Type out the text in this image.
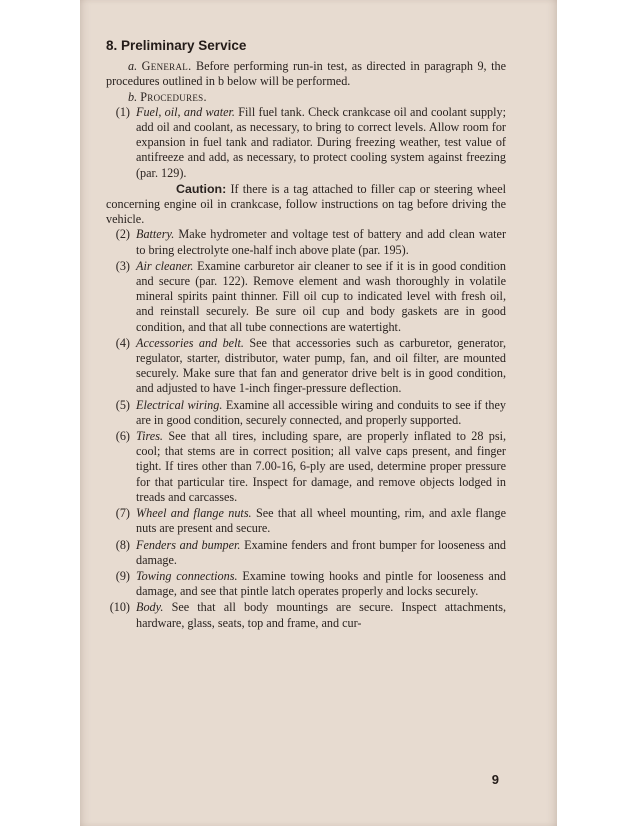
8. Preliminary Service

a. General. Before performing run-in test, as directed in paragraph 9, the procedures outlined in b below will be performed.

b. Procedures.

(1) Fuel, oil, and water. Fill fuel tank. Check crankcase oil and coolant supply; add oil and coolant, as necessary, to bring to correct levels. Allow room for expansion in fuel tank and radiator. During freezing weather, test value of antifreeze and add, as necessary, to protect cooling system against freezing (par. 129).
Caution: If there is a tag attached to filler cap or steering wheel concerning engine oil in crankcase, follow instructions on tag before driving the vehicle.
(2) Battery. Make hydrometer and voltage test of battery and add clean water to bring electrolyte one-half inch above plate (par. 195).
(3) Air cleaner. Examine carburetor air cleaner to see if it is in good condition and secure (par. 122). Remove element and wash thoroughly in volatile mineral spirits paint thinner. Fill oil cup to indicated level with fresh oil, and reinstall securely. Be sure oil cup and body gaskets are in good condition, and that all tube connections are watertight.
(4) Accessories and belt. See that accessories such as carburetor, generator, regulator, starter, distributor, water pump, fan, and oil filter, are mounted securely. Make sure that fan and generator drive belt is in good condition, and adjusted to have 1-inch finger-pressure deflection.
(5) Electrical wiring. Examine all accessible wiring and conduits to see if they are in good condition, securely connected, and properly supported.
(6) Tires. See that all tires, including spare, are properly inflated to 28 psi, cool; that stems are in correct position; all valve caps present, and finger tight. If tires other than 7.00-16, 6-ply are used, determine proper pressure for that particular tire. Inspect for damage, and remove objects lodged in treads and carcasses.
(7) Wheel and flange nuts. See that all wheel mounting, rim, and axle flange nuts are present and secure.
(8) Fenders and bumper. Examine fenders and front bumper for looseness and damage.
(9) Towing connections. Examine towing hooks and pintle for looseness and damage, and see that pintle latch operates properly and locks securely.
(10) Body. See that all body mountings are secure. Inspect attachments, hardware, glass, seats, top and frame, and cur-
9
